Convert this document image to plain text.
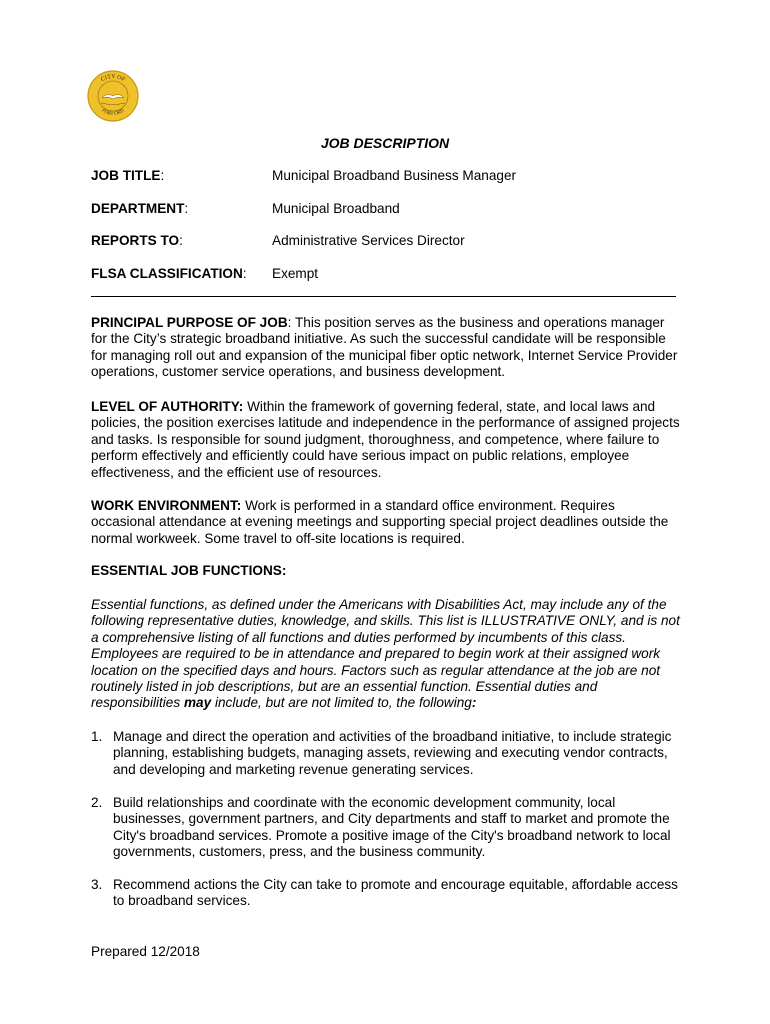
CITY OF
FORT ORD
JOB DESCRIPTION
JOB TITLE:	Municipal Broadband Business Manager
DEPARTMENT:	Municipal Broadband
REPORTS TO:	Administrative Services Director
FLSA CLASSIFICATION: Exempt

PRINCIPAL PURPOSE OF JOB: This position serves as the business and operations manager for the City’s strategic broadband initiative. As such the successful candidate will be responsible for managing roll out and expansion of the municipal fiber optic network, Internet Service Provider operations, customer service operations, and business development.

LEVEL OF AUTHORITY: Within the framework of governing federal, state, and local laws and policies, the position exercises latitude and independence in the performance of assigned projects and tasks. Is responsible for sound judgment, thoroughness, and competence, where failure to perform effectively and efficiently could have serious impact on public relations, employee effectiveness, and the efficient use of resources.

WORK ENVIRONMENT: Work is performed in a standard office environment. Requires occasional attendance at evening meetings and supporting special project deadlines outside the normal workweek. Some travel to off-site locations is required.

ESSENTIAL JOB FUNCTIONS:

Essential functions, as defined under the Americans with Disabilities Act, may include any of the following representative duties, knowledge, and skills. This list is ILLUSTRATIVE ONLY, and is not a comprehensive listing of all functions and duties performed by incumbents of this class. Employees are required to be in attendance and prepared to begin work at their assigned work location on the specified days and hours. Factors such as regular attendance at the job are not routinely listed in job descriptions, but are an essential function. Essential duties and responsibilities may include, but are not limited to, the following:

1. Manage and direct the operation and activities of the broadband initiative, to include strategic planning, establishing budgets, managing assets, reviewing and executing vendor contracts, and developing and marketing revenue generating services.
2. Build relationships and coordinate with the economic development community, local businesses, government partners, and City departments and staff to market and promote the City's broadband services. Promote a positive image of the City's broadband network to local governments, customers, press, and the business community.
3. Recommend actions the City can take to promote and encourage equitable, affordable access to broadband services.
Prepared 12/2018
